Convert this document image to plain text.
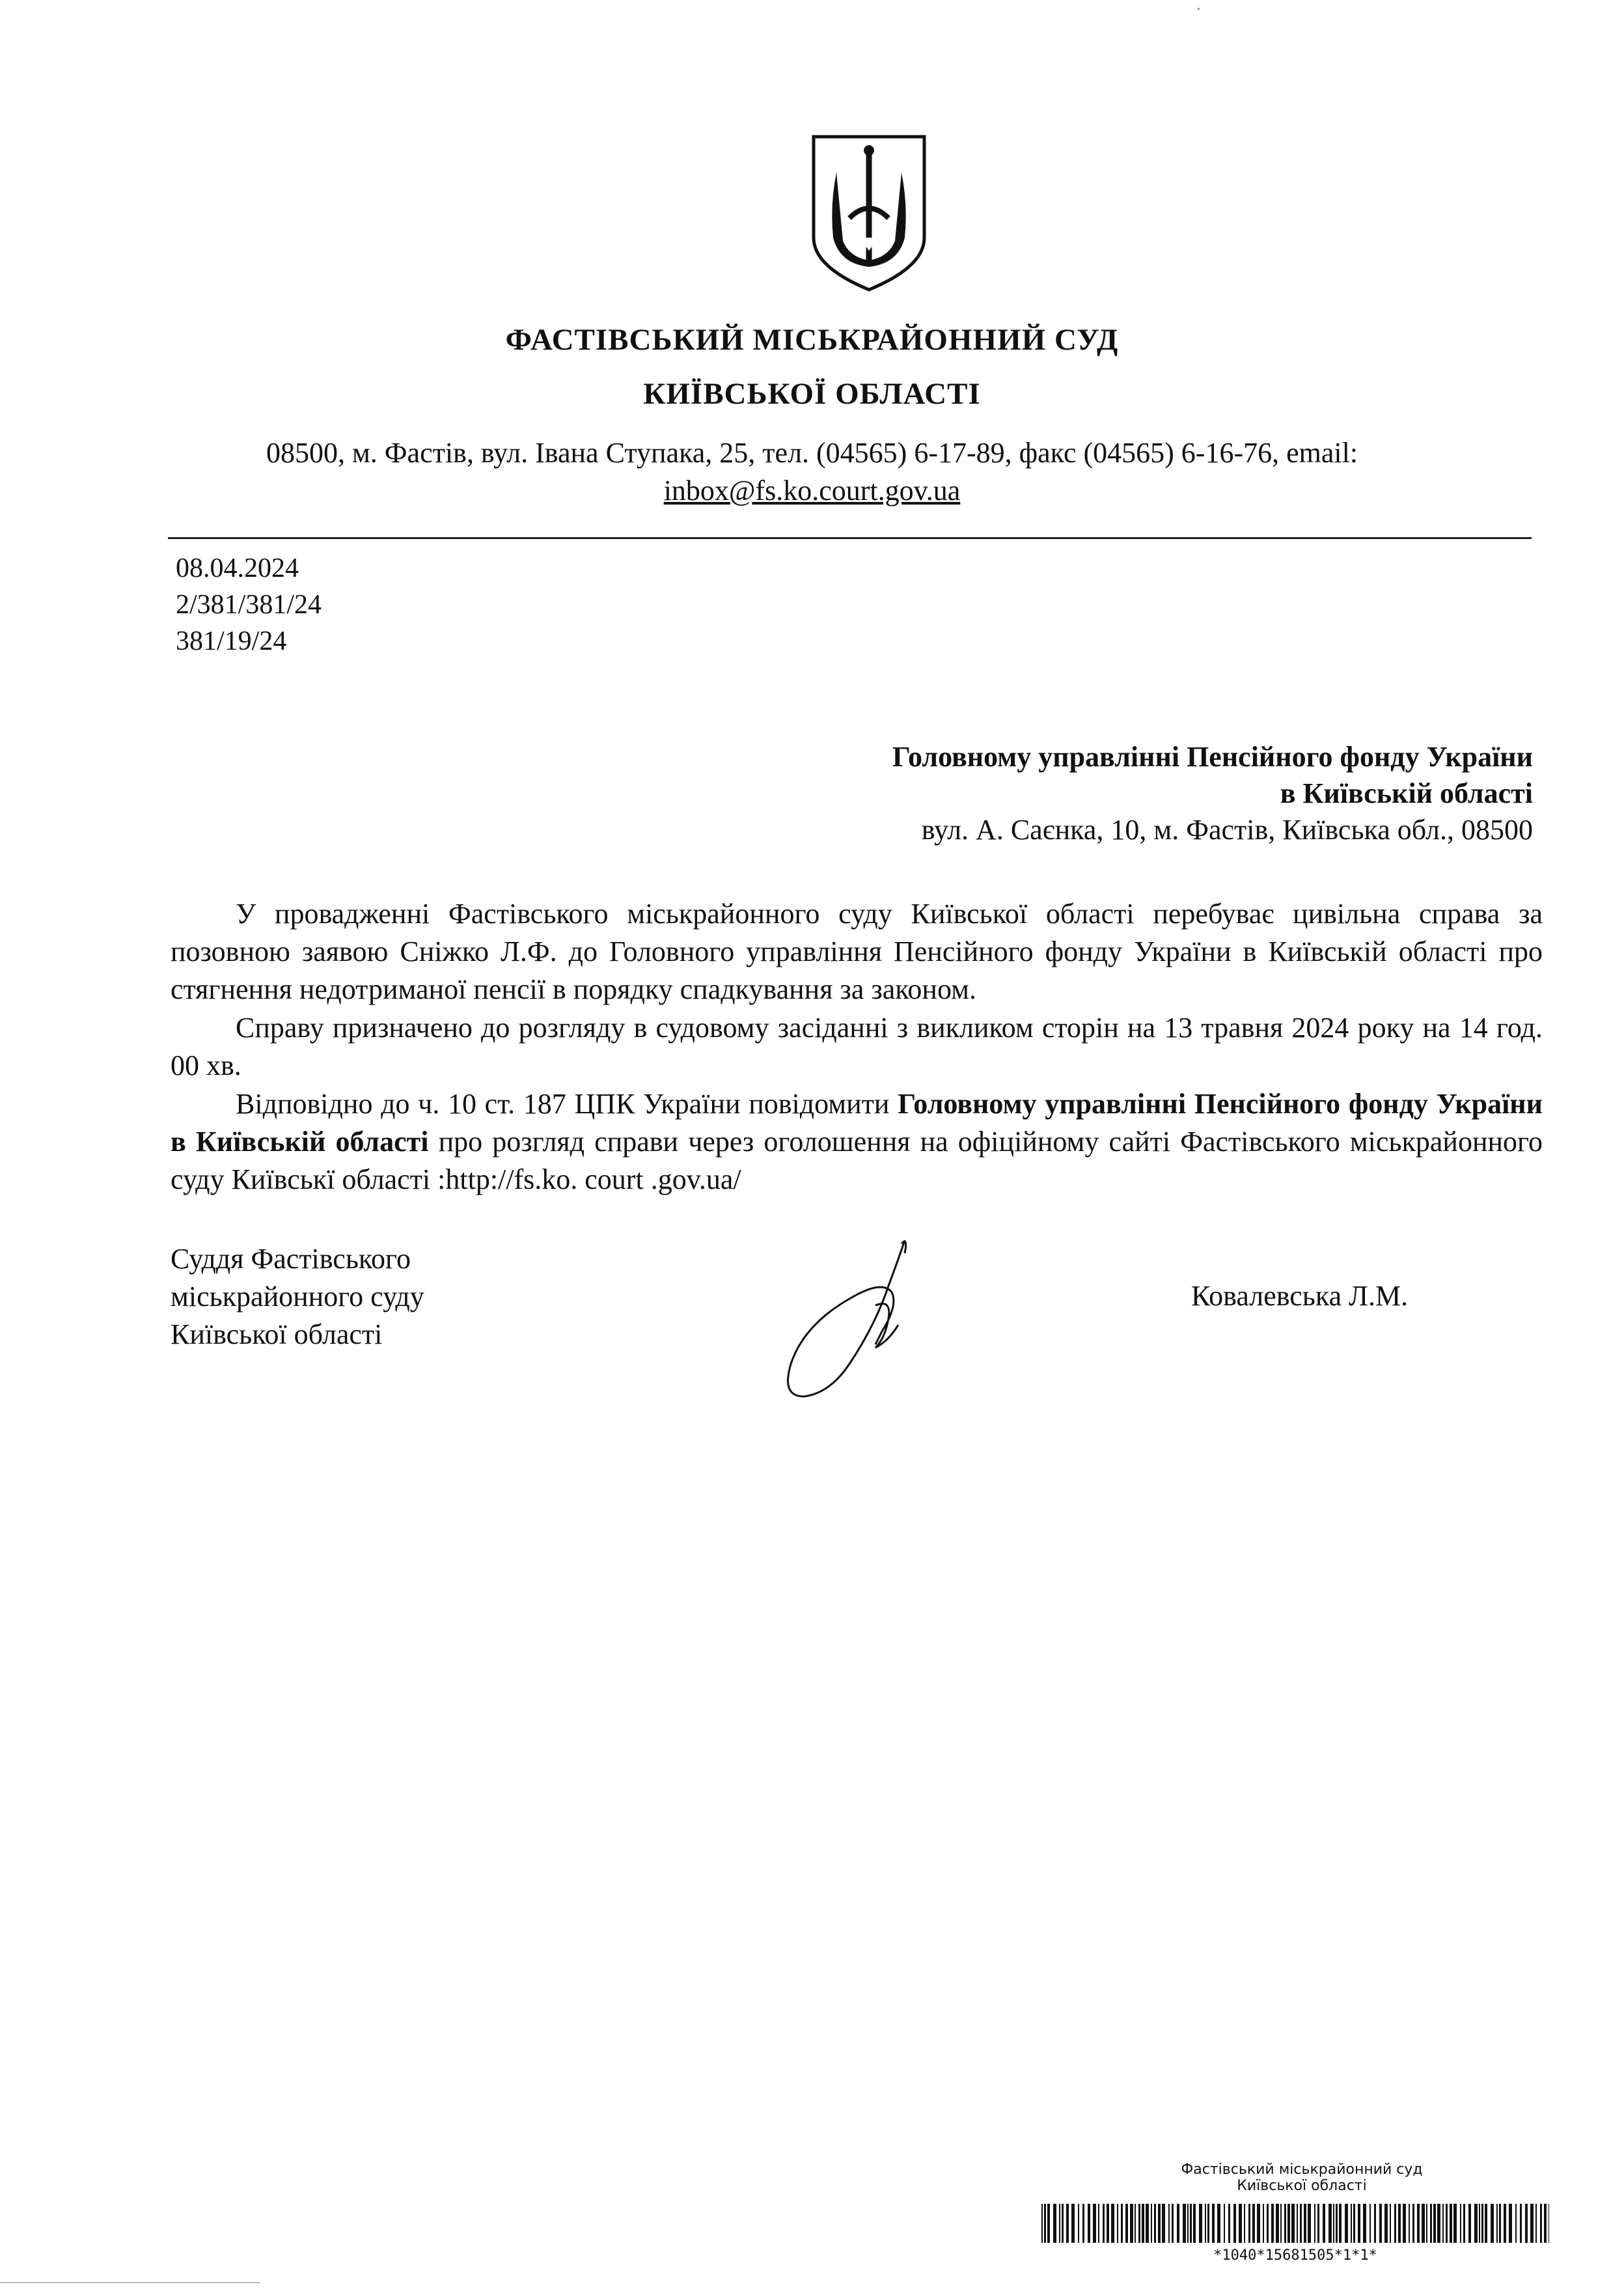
ФАСТІВСЬКИЙ МІСЬКРАЙОННИЙ СУД
КИЇВСЬКОЇ ОБЛАСТІ
08500, м. Фастів, вул. Івана Ступака, 25, тел. (04565) 6-17-89, факс (04565) 6-16-76, email:
inbox@fs.ko.court.gov.ua
08.04.2024
2/381/381/24
381/19/24
Головному управлінні Пенсійного фонду України
в Київській області
вул. А. Саєнка, 10, м. Фастів, Київська обл., 08500
У провадженні Фастівського міськрайонного суду Київської області перебуває цивільна справа за позовною заявою Сніжко Л.Ф. до Головного управління Пенсійного фонду України в Київській області про стягнення недотриманої пенсії в порядку спадкування за законом.
Справу призначено до розгляду в судовому засіданні з викликом сторін на 13 травня 2024 року на 14 год. 00 хв.
Відповідно до ч. 10 ст. 187 ЦПК України повідомити Головному управлінні Пенсійного фонду України в Київській області про розгляд справи через оголошення на офіційному сайті Фастівського міськрайонного суду Київськї області :http://fs.ko. court .gov.ua/
Суддя Фастівського
міськрайонного суду
Київської області
Ковалевська Л.М.
Фастівський міськрайонний суд
Київської області
*1040*15681505*1*1*
